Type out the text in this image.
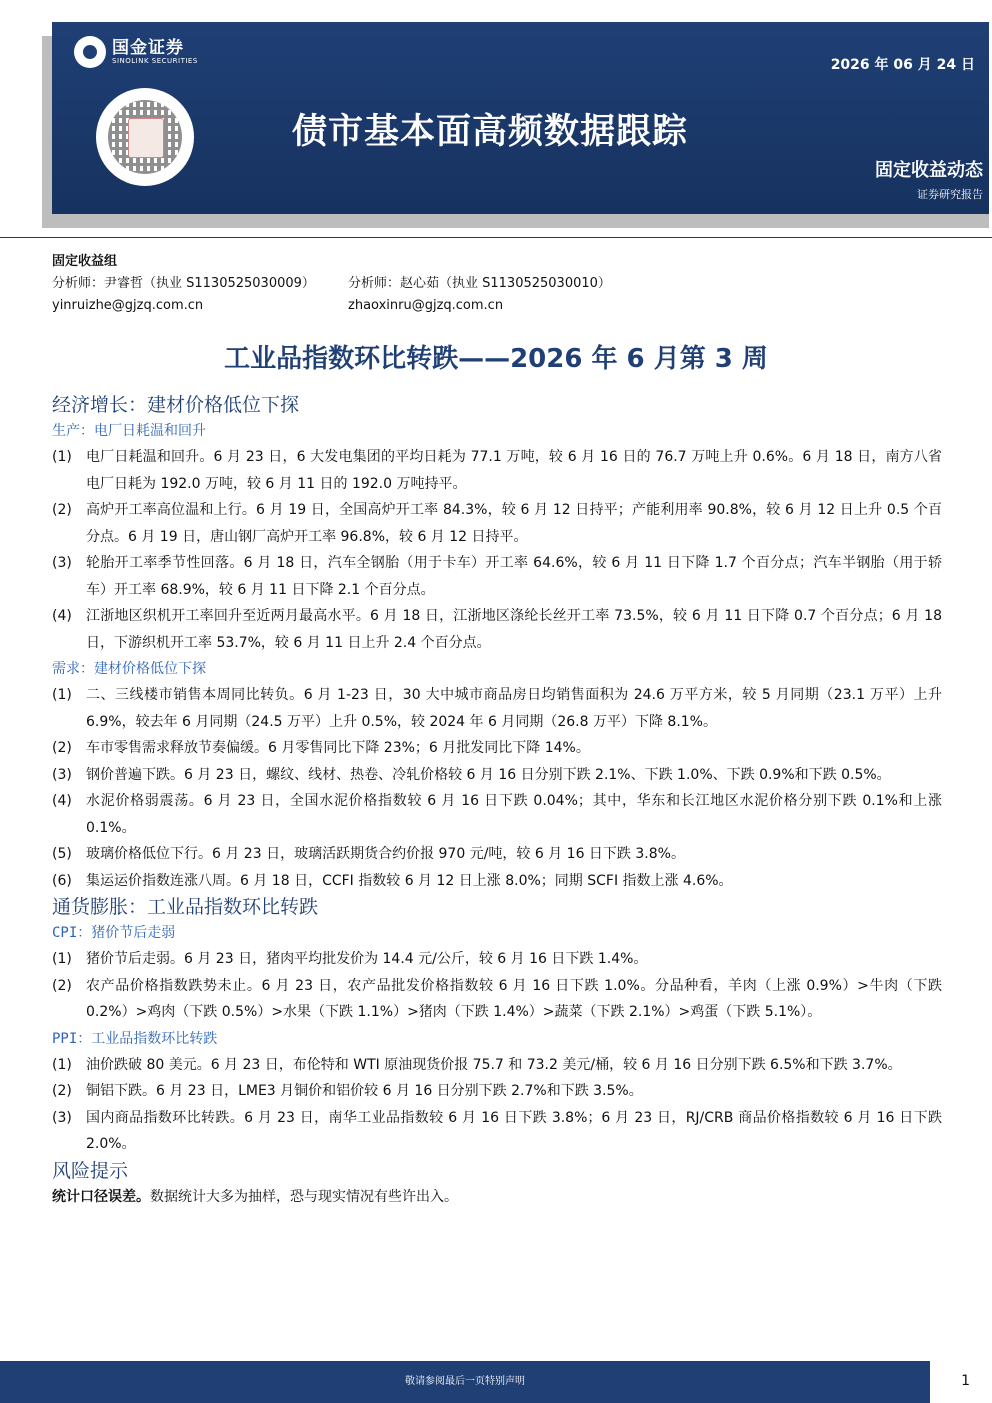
国金证券
SINOLINK SECURITIES	2026 年 06 月 24 日
债市基本面高频数据跟踪
固定收益动态
证券研究报告
固定收益组
分析师：尹睿哲（执业 S1130525030009）	分析师：赵心茹（执业 S1130525030010）
yinruizhe@gjzq.com.cn	zhaoxinru@gjzq.com.cn
工业品指数环比转跌——2026 年 6 月第 3 周
经济增长：建材价格低位下探
生产：电厂日耗温和回升
(1)	电厂日耗温和回升。6 月 23 日，6 大发电集团的平均日耗为 77.1 万吨，较 6 月 16 日的 76.7 万吨上升 0.6%。6 月 18 日，南方八省电厂日耗为 192.0 万吨，较 6 月 11 日的 192.0 万吨持平。
(2)	高炉开工率高位温和上行。6 月 19 日，全国高炉开工率 84.3%，较 6 月 12 日持平；产能利用率 90.8%，较 6 月 12 日上升 0.5 个百分点。6 月 19 日，唐山钢厂高炉开工率 96.8%，较 6 月 12 日持平。
(3)	轮胎开工率季节性回落。6 月 18 日，汽车全钢胎（用于卡车）开工率 64.6%，较 6 月 11 日下降 1.7 个百分点；汽车半钢胎（用于轿车）开工率 68.9%，较 6 月 11 日下降 2.1 个百分点。
(4)	江浙地区织机开工率回升至近两月最高水平。6 月 18 日，江浙地区涤纶长丝开工率 73.5%，较 6 月 11 日下降 0.7 个百分点；6 月 18 日，下游织机开工率 53.7%，较 6 月 11 日上升 2.4 个百分点。
需求：建材价格低位下探
(1)	二、三线楼市销售本周同比转负。6 月 1-23 日，30 大中城市商品房日均销售面积为 24.6 万平方米，较 5 月同期（23.1 万平）上升 6.9%，较去年 6 月同期（24.5 万平）上升 0.5%，较 2024 年 6 月同期（26.8 万平）下降 8.1%。
(2)	车市零售需求释放节奏偏缓。6 月零售同比下降 23%；6 月批发同比下降 14%。
(3)	钢价普遍下跌。6 月 23 日，螺纹、线材、热卷、冷轧价格较 6 月 16 日分别下跌 2.1%、下跌 1.0%、下跌 0.9%和下跌 0.5%。
(4)	水泥价格弱震荡。6 月 23 日，全国水泥价格指数较 6 月 16 日下跌 0.04%；其中，华东和长江地区水泥价格分别下跌 0.1%和上涨 0.1%。
(5)	玻璃价格低位下行。6 月 23 日，玻璃活跃期货合约价报 970 元/吨，较 6 月 16 日下跌 3.8%。
(6)	集运运价指数连涨八周。6 月 18 日，CCFI 指数较 6 月 12 日上涨 8.0%；同期 SCFI 指数上涨 4.6%。
通货膨胀：工业品指数环比转跌
CPI：猪价节后走弱
(1)	猪价节后走弱。6 月 23 日，猪肉平均批发价为 14.4 元/公斤，较 6 月 16 日下跌 1.4%。
(2)	农产品价格指数跌势未止。6 月 23 日，农产品批发价格指数较 6 月 16 日下跌 1.0%。分品种看，羊肉（上涨 0.9%）>牛肉（下跌 0.2%）>鸡肉（下跌 0.5%）>水果（下跌 1.1%）>猪肉（下跌 1.4%）>蔬菜（下跌 2.1%）>鸡蛋（下跌 5.1%）。
PPI：工业品指数环比转跌
(1)	油价跌破 80 美元。6 月 23 日，布伦特和 WTI 原油现货价报 75.7 和 73.2 美元/桶，较 6 月 16 日分别下跌 6.5%和下跌 3.7%。
(2)	铜铝下跌。6 月 23 日，LME3 月铜价和铝价较 6 月 16 日分别下跌 2.7%和下跌 3.5%。
(3)	国内商品指数环比转跌。6 月 23 日，南华工业品指数较 6 月 16 日下跌 3.8%；6 月 23 日，RJ/CRB 商品价格指数较 6 月 16 日下跌 2.0%。
风险提示
统计口径误差。数据统计大多为抽样，恐与现实情况有些许出入。
敬请参阅最后一页特别声明	1
